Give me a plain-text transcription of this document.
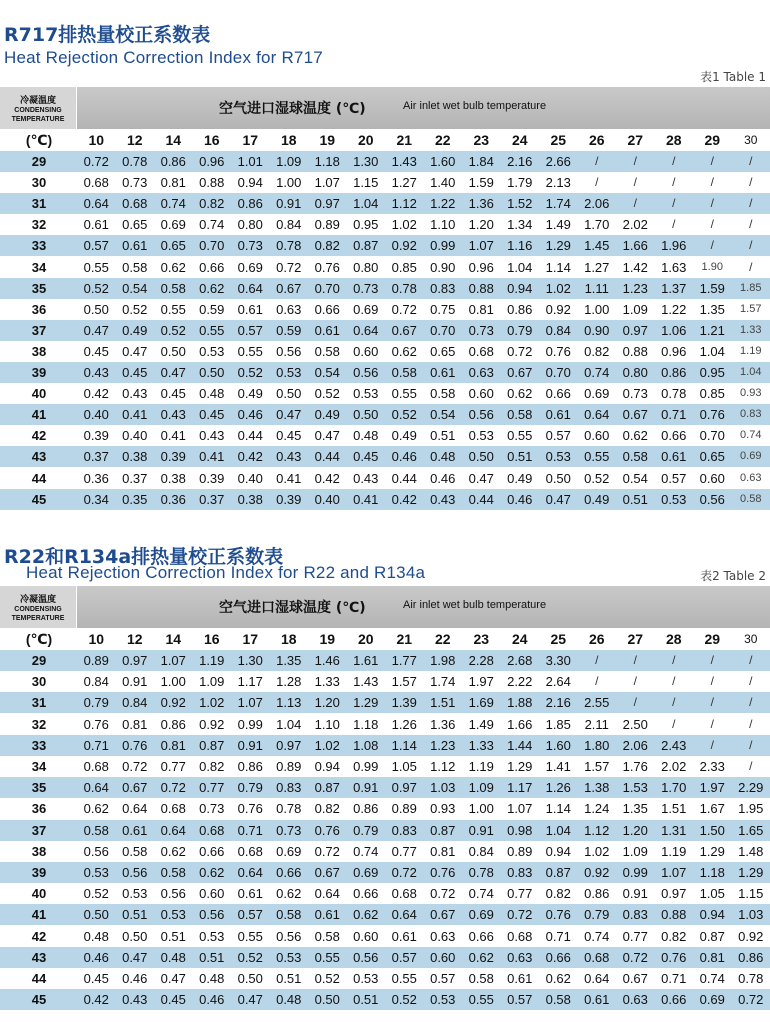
R717排热量校正系数表
Heat Rejection Correction Index for R717
表1 Table 1
冷凝温度
CONDENSING TEMPERATURE
空气进口湿球温度 (℃)	Air inlet wet bulb temperature
(℃)	10	12	14	16	17	18	19	20	21	22	23	24	25	26	27	28	29	30
29	0.72	0.78	0.86	0.96	1.01	1.09	1.18	1.30	1.43	1.60	1.84	2.16	2.66	/	/	/	/	/
30	0.68	0.73	0.81	0.88	0.94	1.00	1.07	1.15	1.27	1.40	1.59	1.79	2.13	/	/	/	/	/
31	0.64	0.68	0.74	0.82	0.86	0.91	0.97	1.04	1.12	1.22	1.36	1.52	1.74	2.06	/	/	/	/
32	0.61	0.65	0.69	0.74	0.80	0.84	0.89	0.95	1.02	1.10	1.20	1.34	1.49	1.70	2.02	/	/	/
33	0.57	0.61	0.65	0.70	0.73	0.78	0.82	0.87	0.92	0.99	1.07	1.16	1.29	1.45	1.66	1.96	/	/
34	0.55	0.58	0.62	0.66	0.69	0.72	0.76	0.80	0.85	0.90	0.96	1.04	1.14	1.27	1.42	1.63	1.90	/
35	0.52	0.54	0.58	0.62	0.64	0.67	0.70	0.73	0.78	0.83	0.88	0.94	1.02	1.11	1.23	1.37	1.59	1.85
36	0.50	0.52	0.55	0.59	0.61	0.63	0.66	0.69	0.72	0.75	0.81	0.86	0.92	1.00	1.09	1.22	1.35	1.57
37	0.47	0.49	0.52	0.55	0.57	0.59	0.61	0.64	0.67	0.70	0.73	0.79	0.84	0.90	0.97	1.06	1.21	1.33
38	0.45	0.47	0.50	0.53	0.55	0.56	0.58	0.60	0.62	0.65	0.68	0.72	0.76	0.82	0.88	0.96	1.04	1.19
39	0.43	0.45	0.47	0.50	0.52	0.53	0.54	0.56	0.58	0.61	0.63	0.67	0.70	0.74	0.80	0.86	0.95	1.04
40	0.42	0.43	0.45	0.48	0.49	0.50	0.52	0.53	0.55	0.58	0.60	0.62	0.66	0.69	0.73	0.78	0.85	0.93
41	0.40	0.41	0.43	0.45	0.46	0.47	0.49	0.50	0.52	0.54	0.56	0.58	0.61	0.64	0.67	0.71	0.76	0.83
42	0.39	0.40	0.41	0.43	0.44	0.45	0.47	0.48	0.49	0.51	0.53	0.55	0.57	0.60	0.62	0.66	0.70	0.74
43	0.37	0.38	0.39	0.41	0.42	0.43	0.44	0.45	0.46	0.48	0.50	0.51	0.53	0.55	0.58	0.61	0.65	0.69
44	0.36	0.37	0.38	0.39	0.40	0.41	0.42	0.43	0.44	0.46	0.47	0.49	0.50	0.52	0.54	0.57	0.60	0.63
45	0.34	0.35	0.36	0.37	0.38	0.39	0.40	0.41	0.42	0.43	0.44	0.46	0.47	0.49	0.51	0.53	0.56	0.58
R22和R134a排热量校正系数表
Heat Rejection Correction Index for R22 and R134a	表2 Table 2
冷凝温度
CONDENSING TEMPERATURE
空气进口湿球温度 (℃)	Air inlet wet bulb temperature
(℃)	10	12	14	16	17	18	19	20	21	22	23	24	25	26	27	28	29	30
29	0.89	0.97	1.07	1.19	1.30	1.35	1.46	1.61	1.77	1.98	2.28	2.68	3.30	/	/	/	/	/
30	0.84	0.91	1.00	1.09	1.17	1.28	1.33	1.43	1.57	1.74	1.97	2.22	2.64	/	/	/	/	/
31	0.79	0.84	0.92	1.02	1.07	1.13	1.20	1.29	1.39	1.51	1.69	1.88	2.16	2.55	/	/	/	/
32	0.76	0.81	0.86	0.92	0.99	1.04	1.10	1.18	1.26	1.36	1.49	1.66	1.85	2.11	2.50	/	/	/
33	0.71	0.76	0.81	0.87	0.91	0.97	1.02	1.08	1.14	1.23	1.33	1.44	1.60	1.80	2.06	2.43	/	/
34	0.68	0.72	0.77	0.82	0.86	0.89	0.94	0.99	1.05	1.12	1.19	1.29	1.41	1.57	1.76	2.02	2.33	/
35	0.64	0.67	0.72	0.77	0.79	0.83	0.87	0.91	0.97	1.03	1.09	1.17	1.26	1.38	1.53	1.70	1.97	2.29
36	0.62	0.64	0.68	0.73	0.76	0.78	0.82	0.86	0.89	0.93	1.00	1.07	1.14	1.24	1.35	1.51	1.67	1.95
37	0.58	0.61	0.64	0.68	0.71	0.73	0.76	0.79	0.83	0.87	0.91	0.98	1.04	1.12	1.20	1.31	1.50	1.65
38	0.56	0.58	0.62	0.66	0.68	0.69	0.72	0.74	0.77	0.81	0.84	0.89	0.94	1.02	1.09	1.19	1.29	1.48
39	0.53	0.56	0.58	0.62	0.64	0.66	0.67	0.69	0.72	0.76	0.78	0.83	0.87	0.92	0.99	1.07	1.18	1.29
40	0.52	0.53	0.56	0.60	0.61	0.62	0.64	0.66	0.68	0.72	0.74	0.77	0.82	0.86	0.91	0.97	1.05	1.15
41	0.50	0.51	0.53	0.56	0.57	0.58	0.61	0.62	0.64	0.67	0.69	0.72	0.76	0.79	0.83	0.88	0.94	1.03
42	0.48	0.50	0.51	0.53	0.55	0.56	0.58	0.60	0.61	0.63	0.66	0.68	0.71	0.74	0.77	0.82	0.87	0.92
43	0.46	0.47	0.48	0.51	0.52	0.53	0.55	0.56	0.57	0.60	0.62	0.63	0.66	0.68	0.72	0.76	0.81	0.86
44	0.45	0.46	0.47	0.48	0.50	0.51	0.52	0.53	0.55	0.57	0.58	0.61	0.62	0.64	0.67	0.71	0.74	0.78
45	0.42	0.43	0.45	0.46	0.47	0.48	0.50	0.51	0.52	0.53	0.55	0.57	0.58	0.61	0.63	0.66	0.69	0.72
